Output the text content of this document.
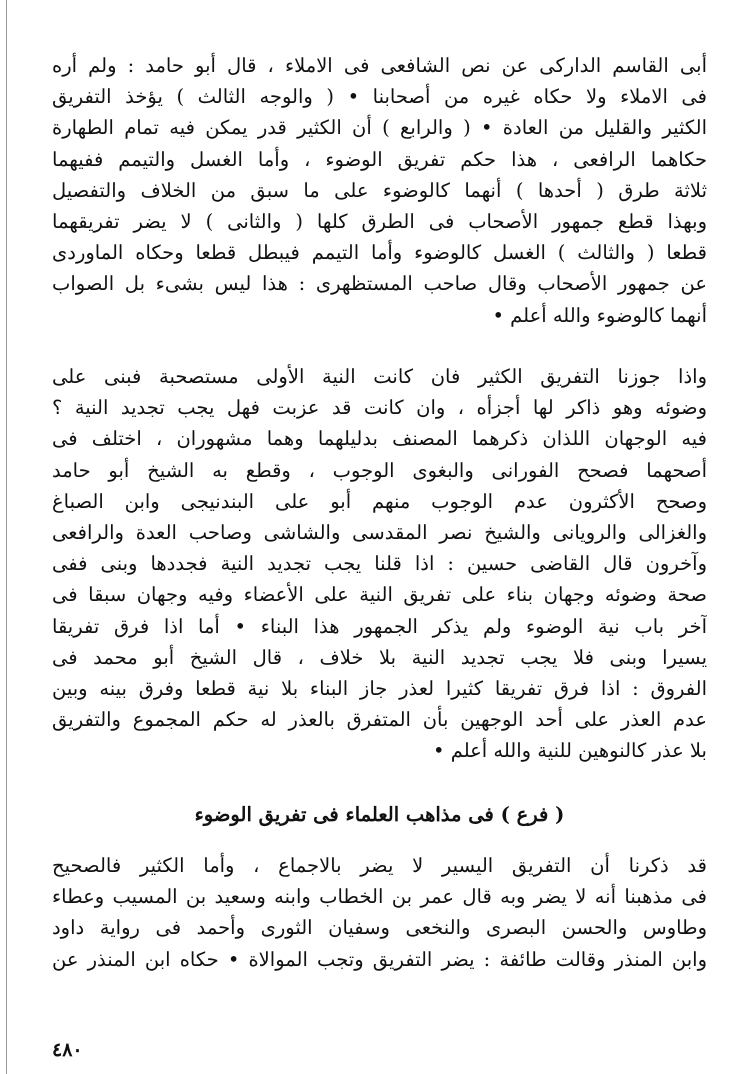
أبى القاسم الداركى عن نص الشافعى فى الاملاء ، قال أبو حامد : ولم أره
فى الاملاء ولا حكاه غيره من أصحابنا • ( والوجه الثالث ) يؤخذ التفريق
الكثير والقليل من العادة • ( والرابع ) أن الكثير قدر يمكن فيه تمام الطهارة
حكاهما الرافعى ، هذا حكم تفريق الوضوء ، وأما الغسل والتيمم ففيهما
ثلاثة طرق ( أحدها ) أنهما كالوضوء على ما سبق من الخلاف والتفصيل
وبهذا قطع جمهور الأصحاب فى الطرق كلها ( والثانى ) لا يضر تفريقهما
قطعا ( والثالث ) الغسل كالوضوء وأما التيمم فيبطل قطعا وحكاه الماوردى
عن جمهور الأصحاب وقال صاحب المستظهرى : هذا ليس بشىء بل الصواب
أنهما كالوضوء والله أعلم •
واذا جوزنا التفريق الكثير فان كانت النية الأولى مستصحبة فبنى على
وضوئه وهو ذاكر لها أجزأه ، وان كانت قد عزبت فهل يجب تجديد النية ؟
فيه الوجهان اللذان ذكرهما المصنف بدليلهما وهما مشهوران ، اختلف فى
أصحهما فصحح الفورانى والبغوى الوجوب ، وقطع به الشيخ أبو حامد
وصحح الأكثرون عدم الوجوب منهم أبو على البندنيجى وابن الصباغ
والغزالى والرويانى والشيخ نصر المقدسى والشاشى وصاحب العدة والرافعى
وآخرون قال القاضى حسين : اذا قلنا يجب تجديد النية فجددها وبنى ففى
صحة وضوئه وجهان بناء على تفريق النية على الأعضاء وفيه وجهان سبقا فى
آخر باب نية الوضوء ولم يذكر الجمهور هذا البناء • أما اذا فرق تفريقا
يسيرا وبنى فلا يجب تجديد النية بلا خلاف ، قال الشيخ أبو محمد فى
الفروق : اذا فرق تفريقا كثيرا لعذر جاز البناء بلا نية قطعا وفرق بينه وبين
عدم العذر على أحد الوجهين بأن المتفرق بالعذر له حكم المجموع والتفريق
بلا عذر كالنوهين للنية والله أعلم •
( فرع ) فى مذاهب العلماء فى تفريق الوضوء
قد ذكرنا أن التفريق اليسير لا يضر بالاجماع ، وأما الكثير فالصحيح
فى مذهبنا أنه لا يضر وبه قال عمر بن الخطاب وابنه وسعيد بن المسيب وعطاء
وطاوس والحسن البصرى والنخعى وسفيان الثورى وأحمد فى رواية داود
وابن المنذر وقالت طائفة : يضر التفريق وتجب الموالاة • حكاه ابن المنذر عن
٤٨٠
